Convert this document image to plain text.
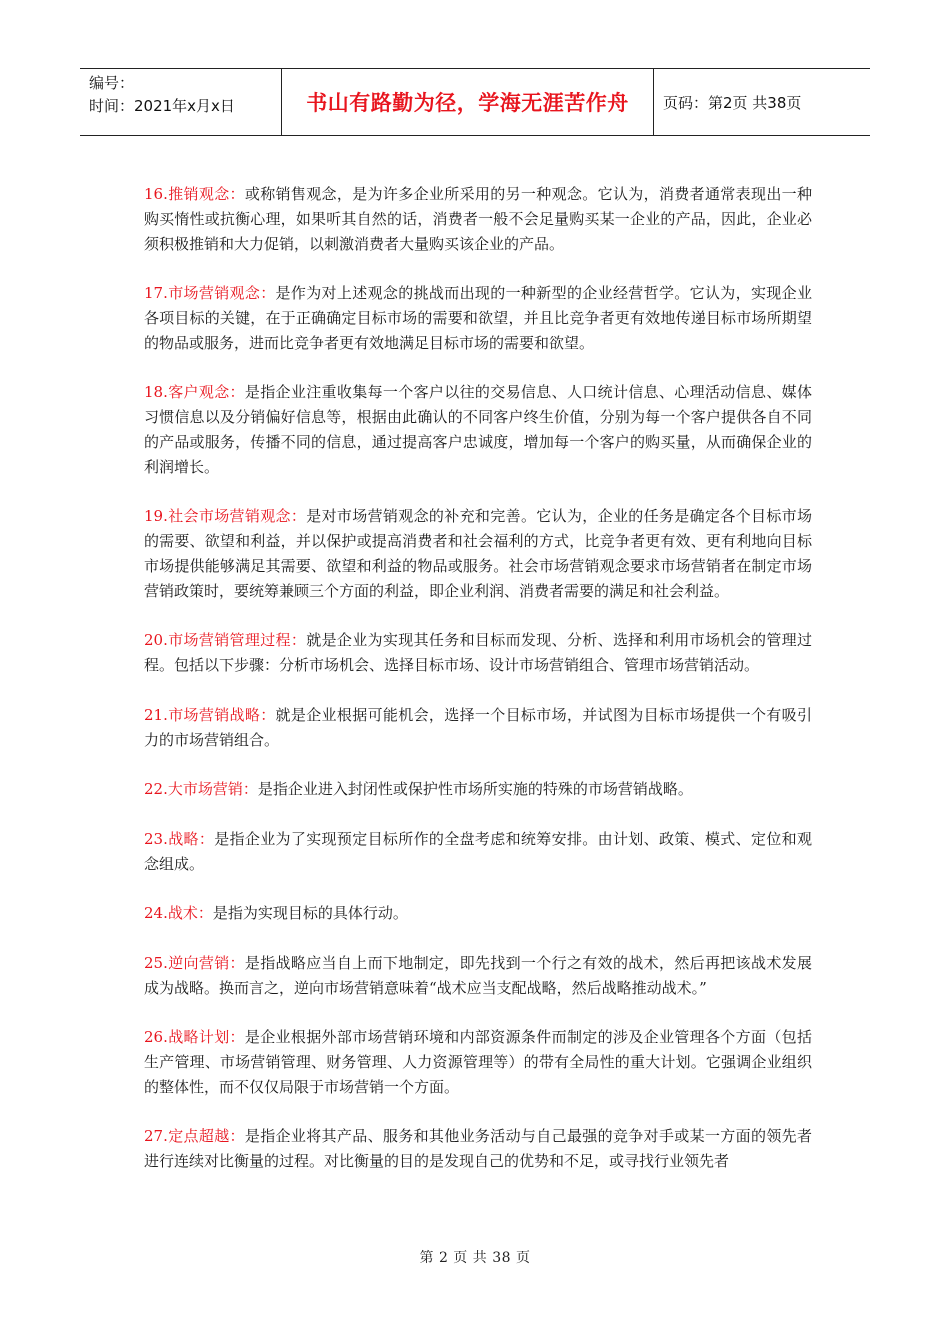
编号：
时间：2021年x月x日	书山有路勤为径，学海无涯苦作舟	页码：第2页 共38页

16.推销观念：或称销售观念，是为许多企业所采用的另一种观念。它认为，消费者通常表现出一种购买惰性或抗衡心理，如果听其自然的话，消费者一般不会足量购买某一企业的产品，因此，企业必须积极推销和大力促销，以刺激消费者大量购买该企业的产品。

17.市场营销观念：是作为对上述观念的挑战而出现的一种新型的企业经营哲学。它认为，实现企业各项目标的关键，在于正确确定目标市场的需要和欲望，并且比竞争者更有效地传递目标市场所期望的物品或服务，进而比竞争者更有效地满足目标市场的需要和欲望。

18.客户观念：是指企业注重收集每一个客户以往的交易信息、人口统计信息、心理活动信息、媒体习惯信息以及分销偏好信息等，根据由此确认的不同客户终生价值，分别为每一个客户提供各自不同的产品或服务，传播不同的信息，通过提高客户忠诚度，增加每一个客户的购买量，从而确保企业的利润增长。

19.社会市场营销观念：是对市场营销观念的补充和完善。它认为，企业的任务是确定各个目标市场的需要、欲望和利益，并以保护或提高消费者和社会福利的方式，比竞争者更有效、更有利地向目标市场提供能够满足其需要、欲望和利益的物品或服务。社会市场营销观念要求市场营销者在制定市场营销政策时，要统筹兼顾三个方面的利益，即企业利润、消费者需要的满足和社会利益。

20.市场营销管理过程：就是企业为实现其任务和目标而发现、分析、选择和利用市场机会的管理过程。包括以下步骤：分析市场机会、选择目标市场、设计市场营销组合、管理市场营销活动。

21.市场营销战略：就是企业根据可能机会，选择一个目标市场，并试图为目标市场提供一个有吸引力的市场营销组合。

22.大市场营销：是指企业进入封闭性或保护性市场所实施的特殊的市场营销战略。

23.战略：是指企业为了实现预定目标所作的全盘考虑和统筹安排。由计划、政策、模式、定位和观念组成。

24.战术：是指为实现目标的具体行动。

25.逆向营销：是指战略应当自上而下地制定，即先找到一个行之有效的战术，然后再把该战术发展成为战略。换而言之，逆向市场营销意味着“战术应当支配战略，然后战略推动战术。”

26.战略计划：是企业根据外部市场营销环境和内部资源条件而制定的涉及企业管理各个方面（包括生产管理、市场营销管理、财务管理、人力资源管理等）的带有全局性的重大计划。它强调企业组织的整体性，而不仅仅局限于市场营销一个方面。

27.定点超越：是指企业将其产品、服务和其他业务活动与自己最强的竞争对手或某一方面的领先者进行连续对比衡量的过程。对比衡量的目的是发现自己的优势和不足，或寻找行业领先者

第 2 页 共 38 页
